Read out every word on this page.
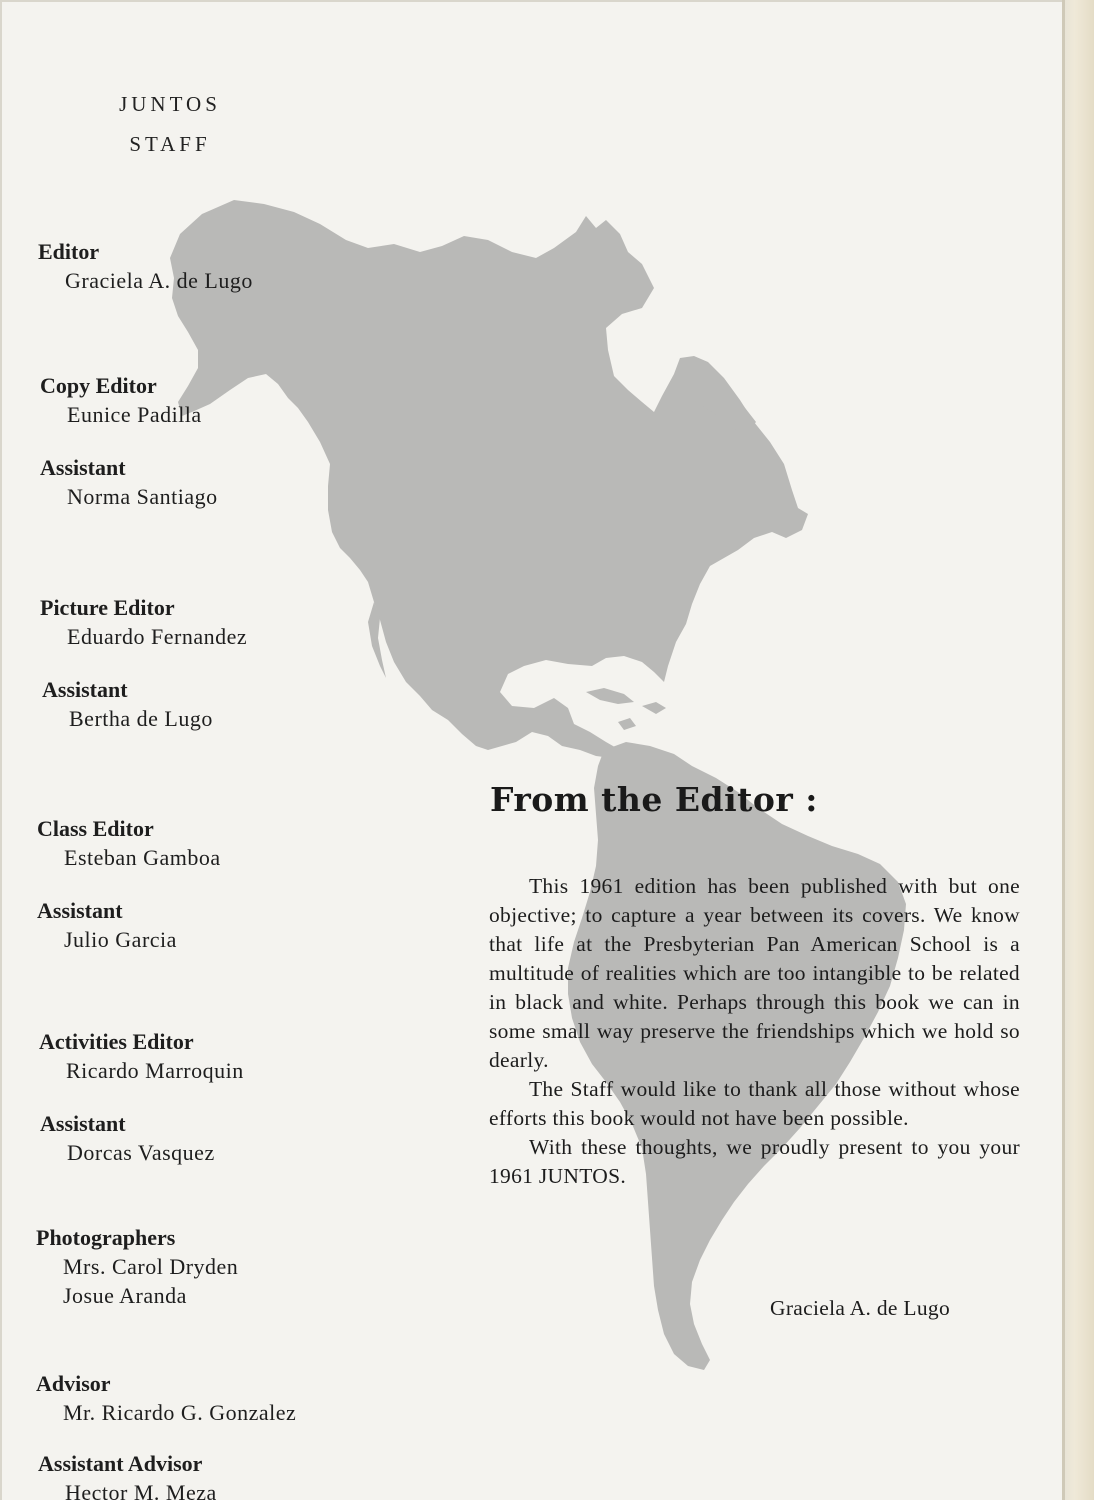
JUNTOS
STAFF
Editor
Graciela A. de Lugo
Copy Editor
Eunice Padilla
Assistant
Norma Santiago
Picture Editor
Eduardo Fernandez
Assistant
Bertha de Lugo
Class Editor
Esteban Gamboa
Assistant
Julio Garcia
Activities Editor
Ricardo Marroquin
Assistant
Dorcas Vasquez
Photographers
Mrs. Carol Dryden
Josue Aranda
Advisor
Mr. Ricardo G. Gonzalez
Assistant Advisor
Hector M. Meza
From the Editor :

This 1961 edition has been published with but one objective; to capture a year between its covers. We know that life at the Presbyterian Pan American School is a multitude of realities which are too intangible to be related in black and white. Perhaps through this book we can in some small way preserve the friendships which we hold so dearly.

The Staff would like to thank all those without whose efforts this book would not have been possible.

With these thoughts, we proudly present to you your 1961 JUNTOS.

Graciela A. de Lugo
